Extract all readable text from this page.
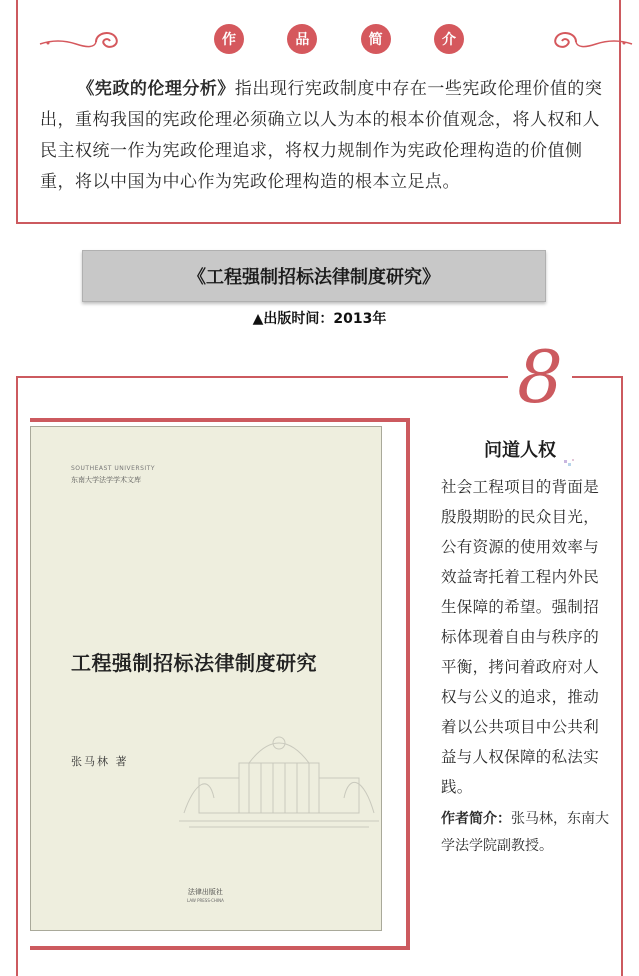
作	品	简	介
《宪政的伦理分析》指出现行宪政制度中存在一些宪政伦理价值的突出，重构我国的宪政伦理必须确立以人为本的根本价值观念，将人权和人民主权统一作为宪政伦理追求，将权力规制作为宪政伦理构造的价值侧重，将以中国为中心作为宪政伦理构造的根本立足点。
《工程强制招标法律制度研究》
▲出版时间：2013年
8
SOUTHEAST UNIVERSITY
东南大学法学学术文库
工程强制招标法律制度研究
张马林 著
法律出版社
LAW PRESS·CHINA
问道人权
社会工程项目的背面是殷殷期盼的民众目光，公有资源的使用效率与效益寄托着工程内外民生保障的希望。强制招标体现着自由与秩序的平衡，拷问着政府对人权与公义的追求，推动着以公共项目中公共利益与人权保障的私法实践。
作者简介：张马林，东南大学法学院副教授。
